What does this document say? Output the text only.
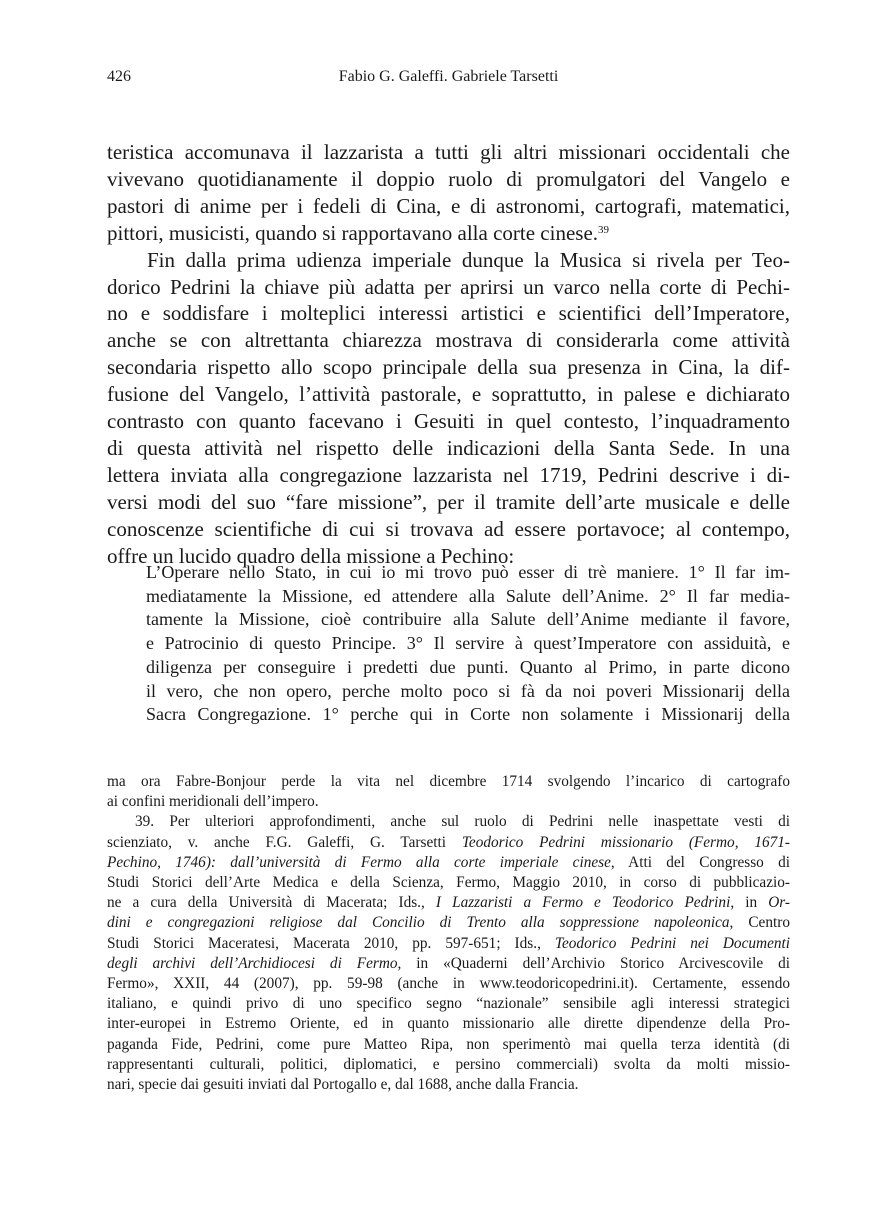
426	Fabio G. Galeffi. Gabriele Tarsetti
teristica accomunava il lazzarista a tutti gli altri missionari occidentali che
vivevano quotidianamente il doppio ruolo di promulgatori del Vangelo e
pastori di anime per i fedeli di Cina, e di astronomi, cartografi, matematici,
pittori, musicisti, quando si rapportavano alla corte cinese.$^{39}$
Fin dalla prima udienza imperiale dunque la Musica si rivela per Teo-
dorico Pedrini la chiave più adatta per aprirsi un varco nella corte di Pechi-
no e soddisfare i molteplici interessi artistici e scientifici dell’Imperatore,
anche se con altrettanta chiarezza mostrava di considerarla come attività
secondaria rispetto allo scopo principale della sua presenza in Cina, la dif-
fusione del Vangelo, l’attività pastorale, e soprattutto, in palese e dichiarato
contrasto con quanto facevano i Gesuiti in quel contesto, l’inquadramento
di questa attività nel rispetto delle indicazioni della Santa Sede. In una
lettera inviata alla congregazione lazzarista nel 1719, Pedrini descrive i di-
versi modi del suo “fare missione”, per il tramite dell’arte musicale e delle
conoscenze scientifiche di cui si trovava ad essere portavoce; al contempo,
offre un lucido quadro della missione a Pechino:
L’Operare nello Stato, in cui io mi trovo può esser di trè maniere. 1° Il far im-
mediatamente la Missione, ed attendere alla Salute dell’Anime. 2° Il far media-
tamente la Missione, cioè contribuire alla Salute dell’Anime mediante il favore,
e Patrocinio di questo Principe. 3° Il servire à quest’Imperatore con assiduità, e
diligenza per conseguire i predetti due punti. Quanto al Primo, in parte dicono
il vero, che non opero, perche molto poco si fà da noi poveri Missionarij della
Sacra Congregazione. 1° perche qui in Corte non solamente i Missionarij della
ma ora Fabre-Bonjour perde la vita nel dicembre 1714 svolgendo l’incarico di cartografo
ai confini meridionali dell’impero.
39. Per ulteriori approfondimenti, anche sul ruolo di Pedrini nelle inaspettate vesti di
scienziato, v. anche F.G. Galeffi, G. Tarsetti Teodorico Pedrini missionario (Fermo, 1671-
Pechino, 1746): dall’università di Fermo alla corte imperiale cinese, Atti del Congresso di
Studi Storici dell’Arte Medica e della Scienza, Fermo, Maggio 2010, in corso di pubblicazio-
ne a cura della Università di Macerata; Ids., I Lazzaristi a Fermo e Teodorico Pedrini, in Or-
dini e congregazioni religiose dal Concilio di Trento alla soppressione napoleonica, Centro
Studi Storici Maceratesi, Macerata 2010, pp. 597-651; Ids., Teodorico Pedrini nei Documenti
degli archivi dell’Archidiocesi di Fermo, in «Quaderni dell’Archivio Storico Arcivescovile di
Fermo», XXII, 44 (2007), pp. 59-98 (anche in www.teodoricopedrini.it). Certamente, essendo
italiano, e quindi privo di uno specifico segno “nazionale” sensibile agli interessi strategici
inter-europei in Estremo Oriente, ed in quanto missionario alle dirette dipendenze della Pro-
paganda Fide, Pedrini, come pure Matteo Ripa, non sperimentò mai quella terza identità (di
rappresentanti culturali, politici, diplomatici, e persino commerciali) svolta da molti missio-
nari, specie dai gesuiti inviati dal Portogallo e, dal 1688, anche dalla Francia.
